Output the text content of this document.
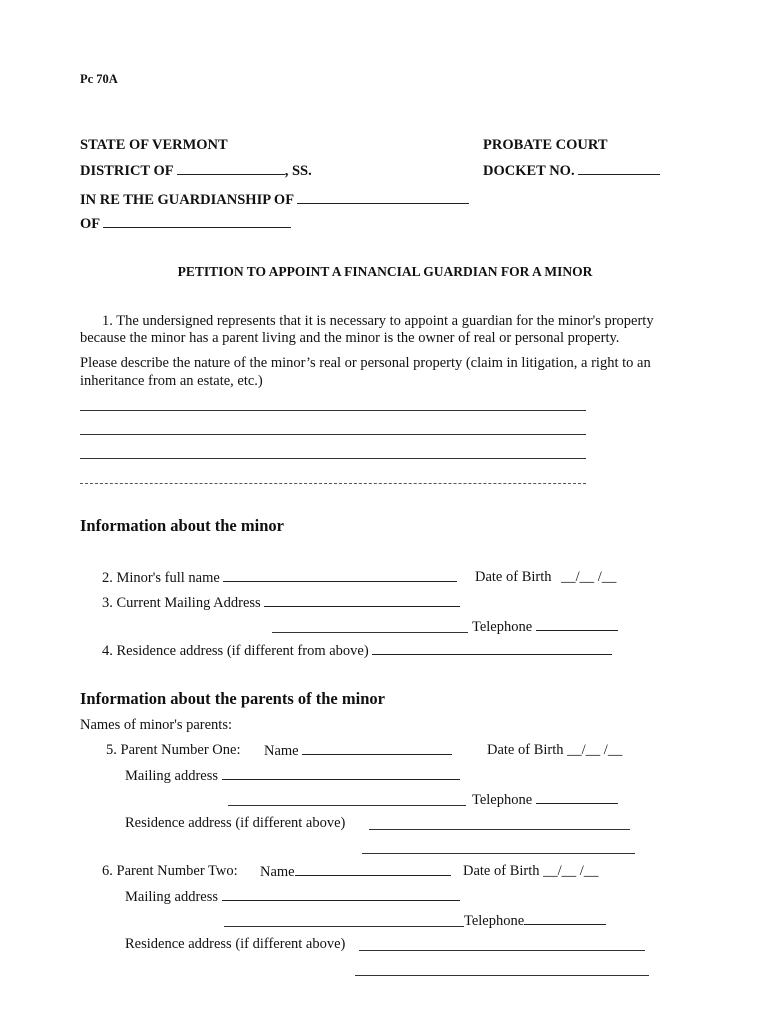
Pc 70A
STATE OF VERMONT	PROBATE COURT
DISTRICT OF	, SS.	DOCKET NO.
IN RE THE GUARDIANSHIP OF
OF
PETITION TO APPOINT A FINANCIAL GUARDIAN FOR A MINOR
1. The undersigned represents that it is necessary to appoint a guardian for the minor's property
because the minor has a parent living and the minor is the owner of real or personal property.
Please describe the nature of the minor’s real or personal property (claim in litigation, a right to an
inheritance from an estate, etc.)
Information about the minor
2. Minor's full name	Date of Birth __/__ /__
3. Current Mailing Address
Telephone
4. Residence address (if different from above)
Information about the parents of the minor
Names of minor's parents:
5. Parent Number One: Name	Date of Birth __/__ /__
Mailing address
Telephone
Residence address (if different above)
6. Parent Number Two: Name	Date of Birth __/__ /__
Mailing address
Telephone
Residence address (if different above)
